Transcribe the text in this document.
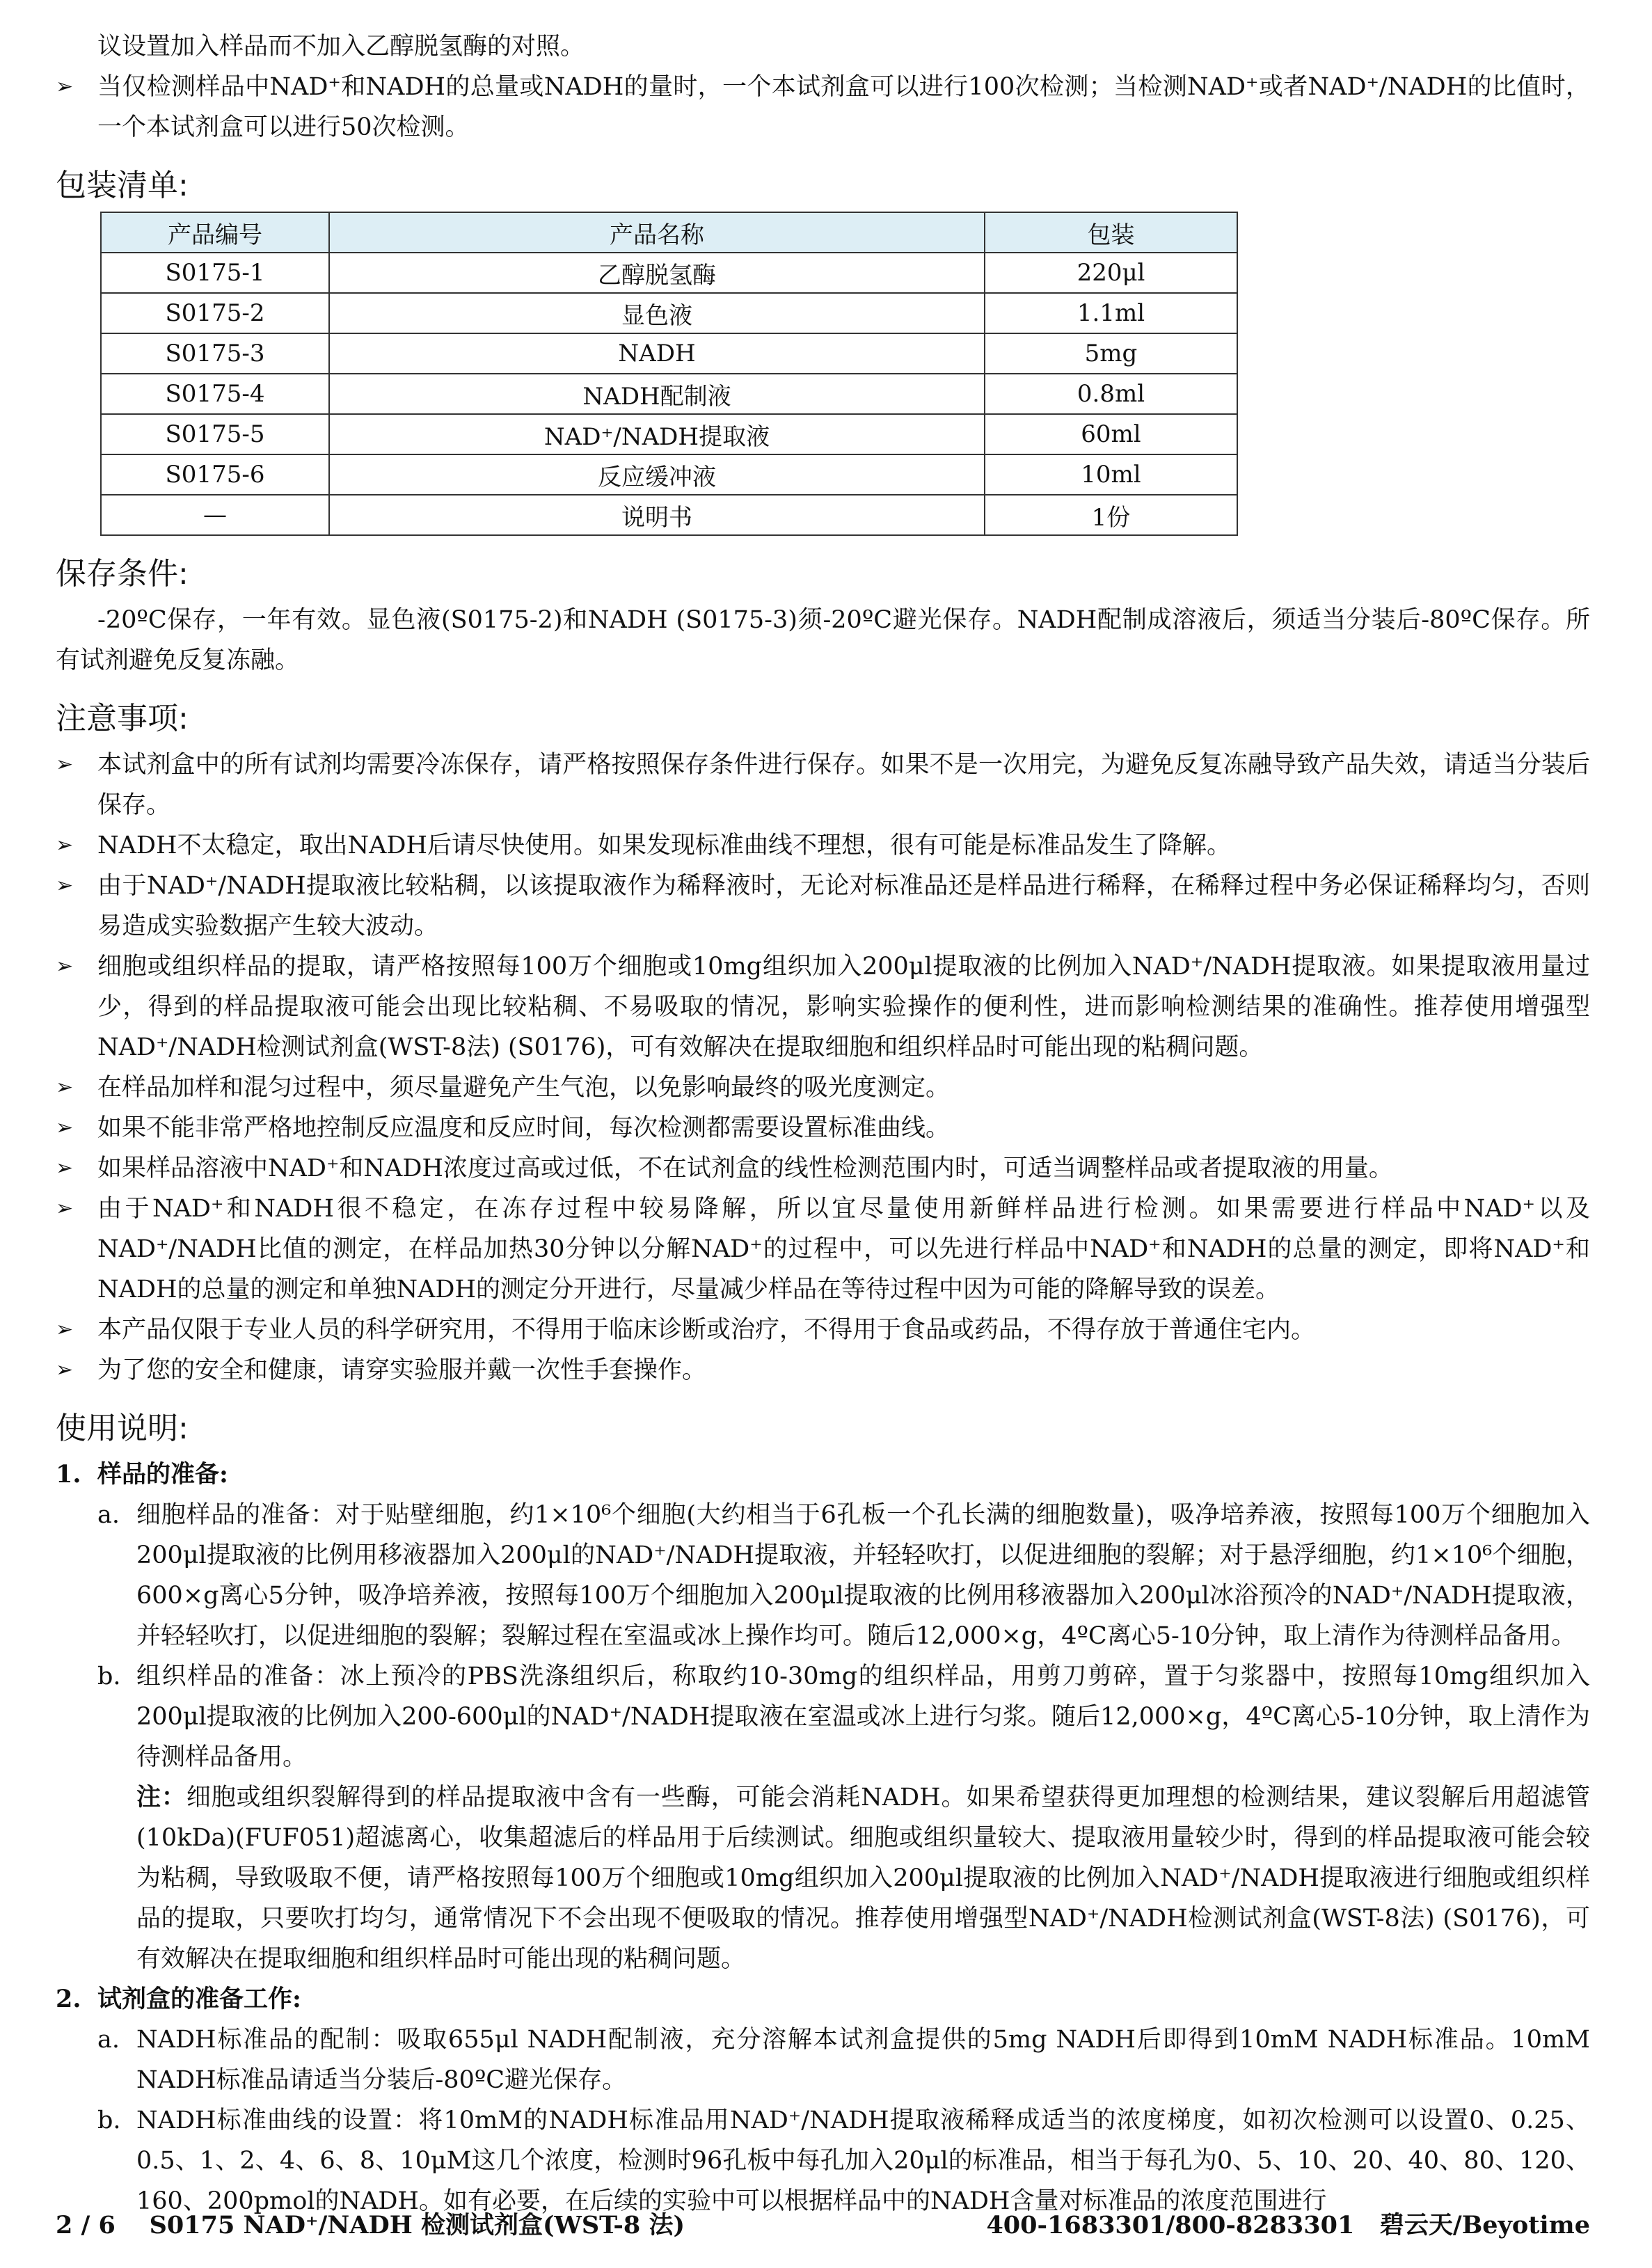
议设置加入样品而不加入乙醇脱氢酶的对照。
➢ 当仅检测样品中NAD⁺和NADH的总量或NADH的量时，一个本试剂盒可以进行100次检测；当检测NAD⁺或者NAD⁺/NADH的比值时，一个本试剂盒可以进行50次检测。
包装清单:
产品编号	产品名称	包装
S0175-1	乙醇脱氢酶	220μl
S0175-2	显色液	1.1ml
S0175-3	NADH	5mg
S0175-4	NADH配制液	0.8ml
S0175-5	NAD⁺/NADH提取液	60ml
S0175-6	反应缓冲液	10ml
—	说明书	1份
保存条件:
-20ºC保存，一年有效。显色液(S0175-2)和NADH (S0175-3)须-20ºC避光保存。NADH配制成溶液后，须适当分装后-80ºC保存。所有试剂避免反复冻融。
注意事项:
➢ 本试剂盒中的所有试剂均需要冷冻保存，请严格按照保存条件进行保存。如果不是一次用完，为避免反复冻融导致产品失效，请适当分装后保存。
➢ NADH不太稳定，取出NADH后请尽快使用。如果发现标准曲线不理想，很有可能是标准品发生了降解。
➢ 由于NAD⁺/NADH提取液比较粘稠，以该提取液作为稀释液时，无论对标准品还是样品进行稀释，在稀释过程中务必保证稀释均匀，否则易造成实验数据产生较大波动。
➢ 细胞或组织样品的提取，请严格按照每100万个细胞或10mg组织加入200μl提取液的比例加入NAD⁺/NADH提取液。如果提取液用量过少，得到的样品提取液可能会出现比较粘稠、不易吸取的情况，影响实验操作的便利性，进而影响检测结果的准确性。推荐使用增强型NAD⁺/NADH检测试剂盒(WST-8法) (S0176)，可有效解决在提取细胞和组织样品时可能出现的粘稠问题。
➢ 在样品加样和混匀过程中，须尽量避免产生气泡，以免影响最终的吸光度测定。
➢ 如果不能非常严格地控制反应温度和反应时间，每次检测都需要设置标准曲线。
➢ 如果样品溶液中NAD⁺和NADH浓度过高或过低，不在试剂盒的线性检测范围内时，可适当调整样品或者提取液的用量。
➢ 由于NAD⁺和NADH很不稳定，在冻存过程中较易降解，所以宜尽量使用新鲜样品进行检测。如果需要进行样品中NAD⁺以及NAD⁺/NADH比值的测定，在样品加热30分钟以分解NAD⁺的过程中，可以先进行样品中NAD⁺和NADH的总量的测定，即将NAD⁺和NADH的总量的测定和单独NADH的测定分开进行，尽量减少样品在等待过程中因为可能的降解导致的误差。
➢ 本产品仅限于专业人员的科学研究用，不得用于临床诊断或治疗，不得用于食品或药品，不得存放于普通住宅内。
➢ 为了您的安全和健康，请穿实验服并戴一次性手套操作。
使用说明:
1. 样品的准备:
a. 细胞样品的准备：对于贴壁细胞，约1×10⁶个细胞(大约相当于6孔板一个孔长满的细胞数量)，吸净培养液，按照每100万个细胞加入200μl提取液的比例用移液器加入200μl的NAD⁺/NADH提取液，并轻轻吹打，以促进细胞的裂解；对于悬浮细胞，约1×10⁶个细胞，600×g离心5分钟，吸净培养液，按照每100万个细胞加入200μl提取液的比例用移液器加入200μl冰浴预冷的NAD⁺/NADH提取液，并轻轻吹打，以促进细胞的裂解；裂解过程在室温或冰上操作均可。随后12,000×g，4ºC离心5-10分钟，取上清作为待测样品备用。
b. 组织样品的准备：冰上预冷的PBS洗涤组织后，称取约10-30mg的组织样品，用剪刀剪碎，置于匀浆器中，按照每10mg组织加入200μl提取液的比例加入200-600μl的NAD⁺/NADH提取液在室温或冰上进行匀浆。随后12,000×g，4ºC离心5-10分钟，取上清作为待测样品备用。
注：细胞或组织裂解得到的样品提取液中含有一些酶，可能会消耗NADH。如果希望获得更加理想的检测结果，建议裂解后用超滤管(10kDa)(FUF051)超滤离心，收集超滤后的样品用于后续测试。细胞或组织量较大、提取液用量较少时，得到的样品提取液可能会较为粘稠，导致吸取不便，请严格按照每100万个细胞或10mg组织加入200μl提取液的比例加入NAD⁺/NADH提取液进行细胞或组织样品的提取，只要吹打均匀，通常情况下不会出现不便吸取的情况。推荐使用增强型NAD⁺/NADH检测试剂盒(WST-8法) (S0176)，可有效解决在提取细胞和组织样品时可能出现的粘稠问题。
2. 试剂盒的准备工作:
a. NADH标准品的配制：吸取655μl NADH配制液，充分溶解本试剂盒提供的5mg NADH后即得到10mM NADH标准品。10mM NADH标准品请适当分装后-80ºC避光保存。
b. NADH标准曲线的设置：将10mM的NADH标准品用NAD⁺/NADH提取液稀释成适当的浓度梯度，如初次检测可以设置0、0.25、0.5、1、2、4、6、8、10μM这几个浓度，检测时96孔板中每孔加入20μl的标准品，相当于每孔为0、5、10、20、40、80、120、160、200pmol的NADH。如有必要，在后续的实验中可以根据样品中的NADH含量对标准品的浓度范围进行
2 / 6 S0175 NAD⁺/NADH 检测试剂盒(WST-8 法)	400-1683301/800-8283301 碧云天/Beyotime
